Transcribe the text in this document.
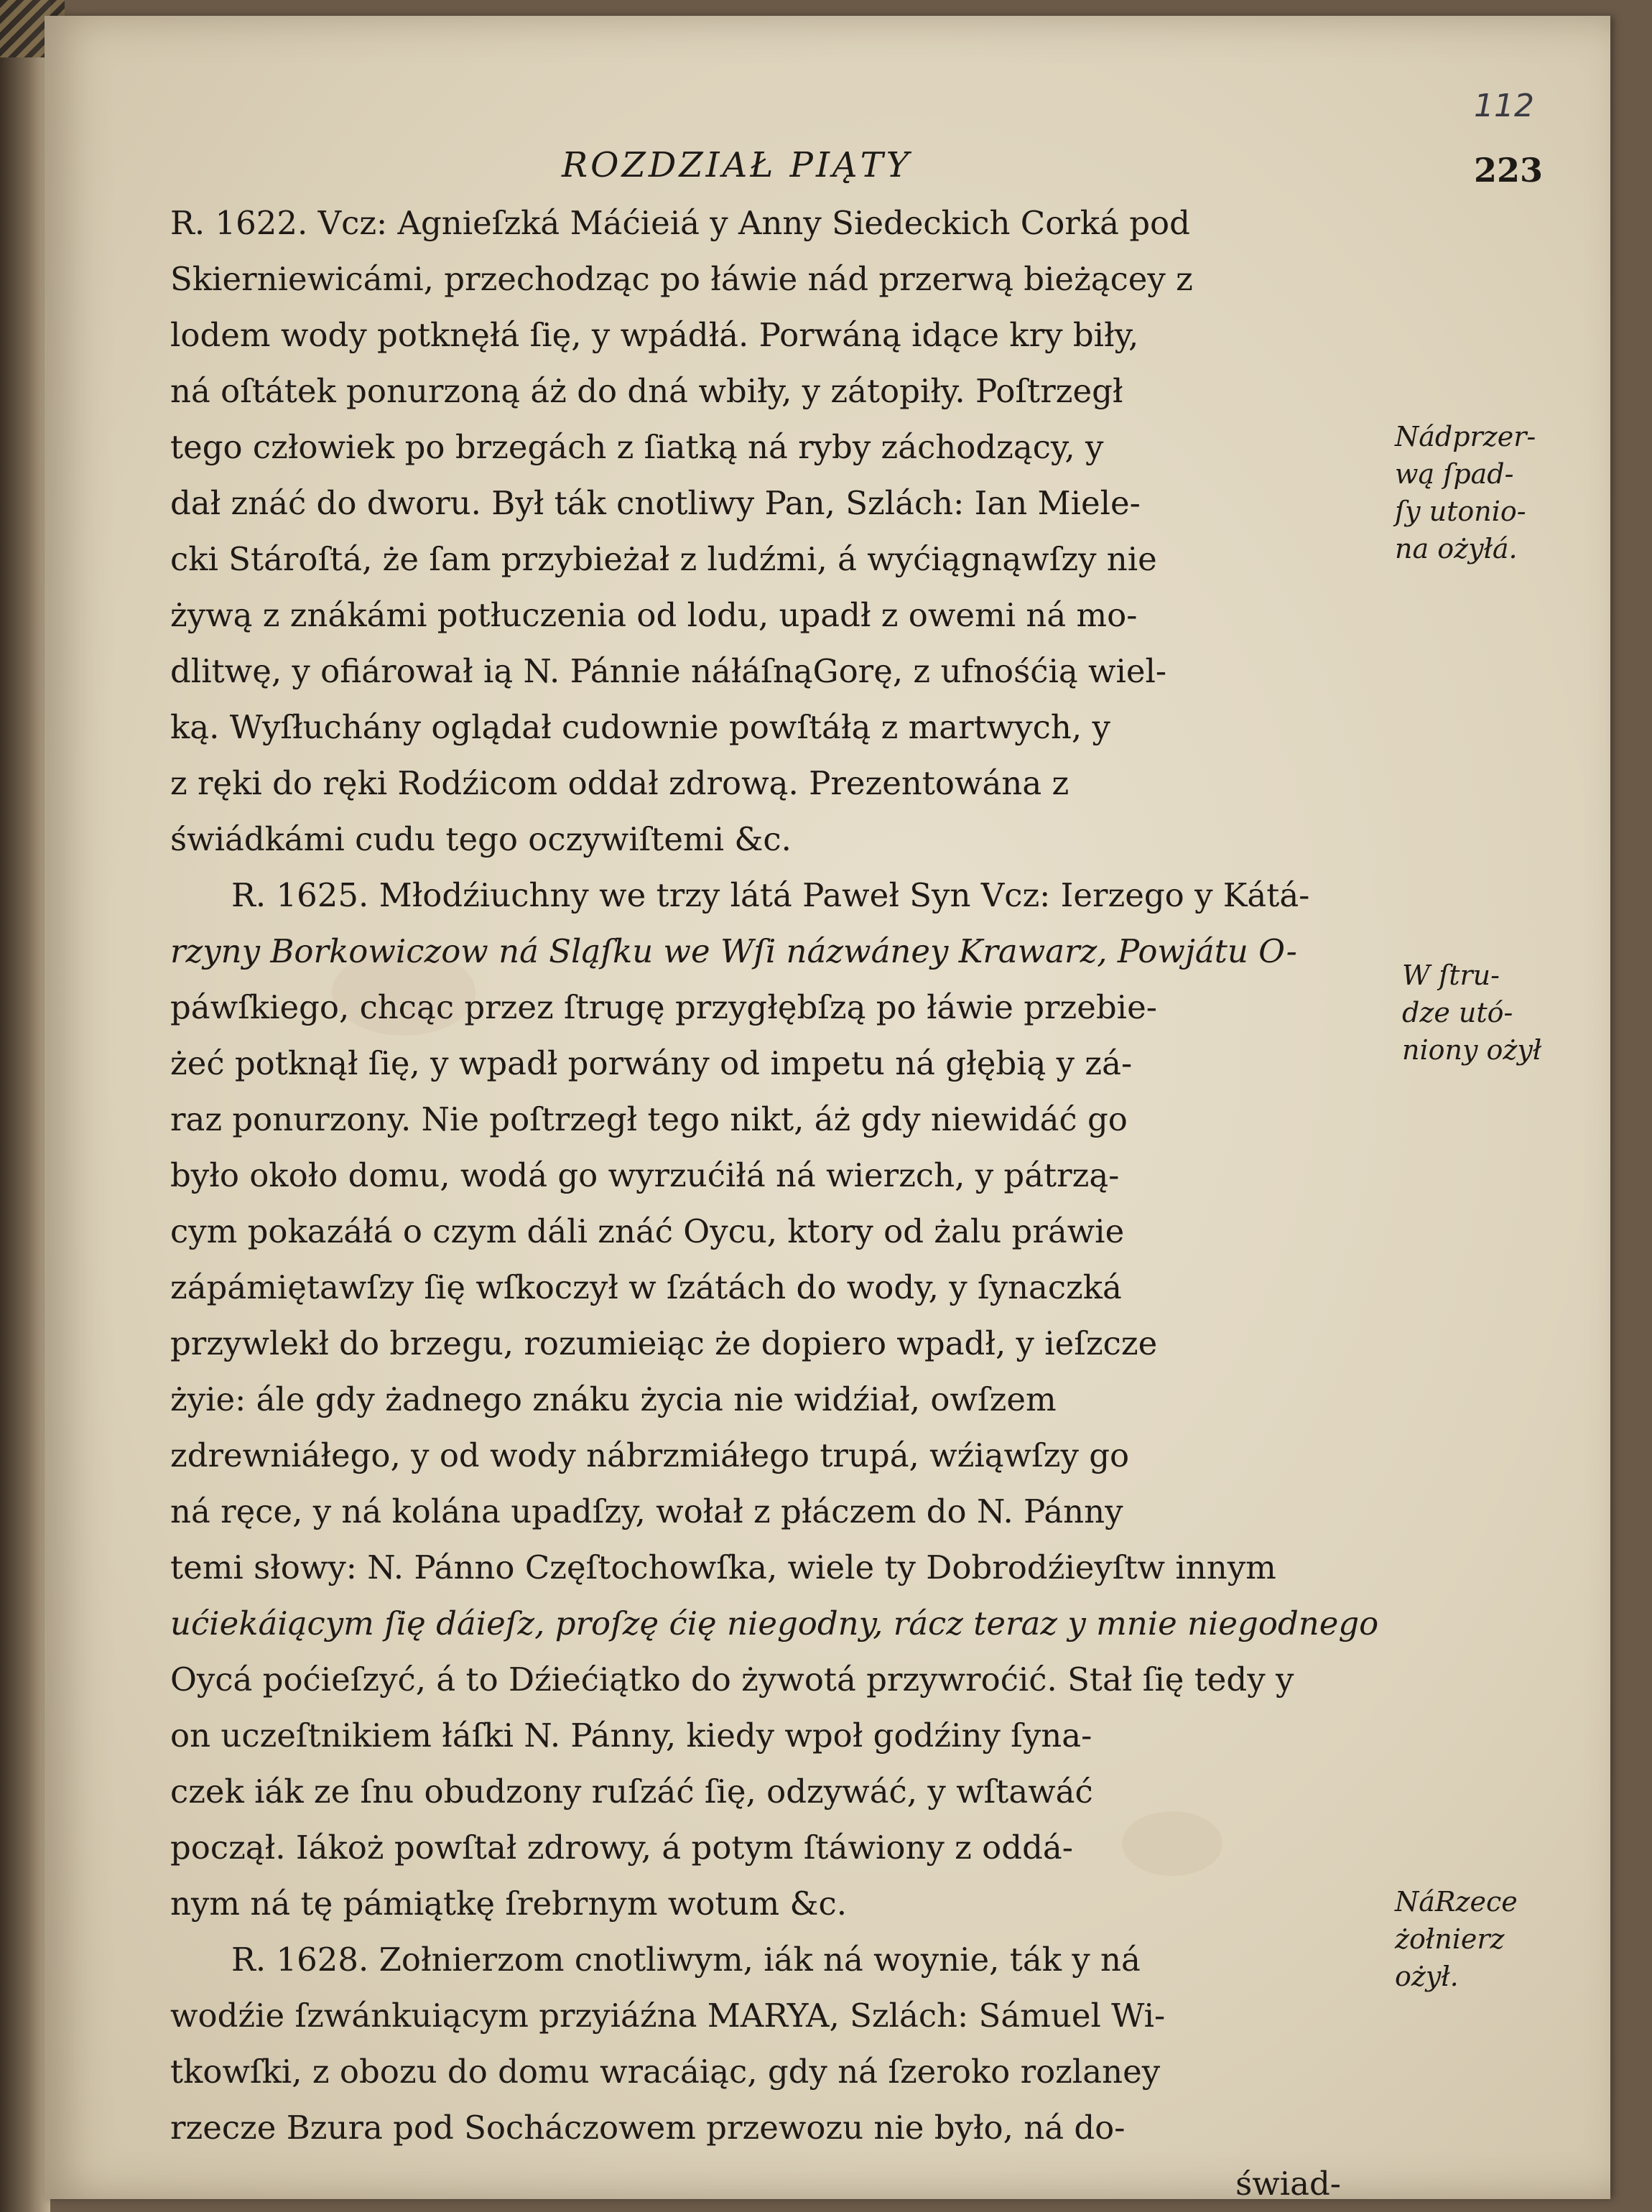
112
ROZDZIAŁ PIĄTY	223
R. 1622. Vcz: Agnieſzká Máćieiá y Anny Siedeckich Corká pod
Skierniewicámi, przechodząc po łáwie nád przerwą bieżącey z
lodem wody potknęłá ſię, y wpádłá. Porwáną idące kry biły,
ná oſtátek ponurzoną áż do dná wbiły, y zátopiły. Poſtrzegł
tego człowiek po brzegách z ſiatką ná ryby záchodzący, y
dał znáć do dworu. Był ták cnotliwy Pan, Szlách: Ian Miele-
cki Stároſtá, że ſam przybieżał z ludźmi, á wyćiągnąwſzy nie
żywą z znákámi potłuczenia od lodu, upadł z owemi ná mo-
dlitwę, y ofiárował ią N. Pánnie náłáſnąGorę, z ufnośćią wiel-
ką. Wyſłuchány oglądał cudownie powſtáłą z martwych, y
z ręki do ręki Rodźicom oddał zdrową. Prezentowána z
świádkámi cudu tego oczywiſtemi &c.
R. 1625. Młodźiuchny we trzy látá Paweł Syn Vcz: Ierzego y Kátá-
rzyny Borkowiczow ná Sląſku we Wſi názwáney Krawarz, Powjátu O-
páwſkiego, chcąc przez ſtrugę przygłębſzą po łáwie przebie-
żeć potknął ſię, y wpadł porwány od impetu ná głębią y zá-
raz ponurzony. Nie poſtrzegł tego nikt, áż gdy niewidáć go
było około domu, wodá go wyrzućiłá ná wierzch, y pátrzą-
cym pokazáłá o czym dáli znáć Oycu, ktory od żalu práwie
zápámiętawſzy ſię wſkoczył w ſzátách do wody, y ſynaczká
przywlekł do brzegu, rozumieiąc że dopiero wpadł, y ieſzcze
żyie: ále gdy żadnego znáku życia nie widźiał, owſzem
zdrewniáłego, y od wody nábrzmiáłego trupá, wźiąwſzy go
ná ręce, y ná kolána upadſzy, wołał z płáczem do N. Pánny
temi słowy: N. Pánno Częſtochowſka, wiele ty Dobrodźieyſtw innym
ućiekáiącym ſię dáieſz, proſzę ćię niegodny, rácz teraz y mnie niegodnego
Oycá poćieſzyć, á to Dźiećiątko do żywotá przywroćić. Stał ſię tedy y
on uczeſtnikiem łáſki N. Pánny, kiedy wpoł godźiny ſyna-
czek iák ze ſnu obudzony ruſzáć ſię, odzywáć, y wſtawáć
począł. Iákoż powſtał zdrowy, á potym ſtáwiony z oddá-
nym ná tę pámiątkę ſrebrnym wotum &c.
R. 1628. Zołnierzom cnotliwym, iák ná woynie, ták y ná
wodźie ſzwánkuiącym przyiáźna MARYA, Szlách: Sámuel Wi-
tkowſki, z obozu do domu wracáiąc, gdy ná ſzeroko rozlaney
rzecze Bzura pod Socháczowem przewozu nie było, ná do-
świad-
Nádprzer-
wą ſpad-
ſy utonio-
na ożyłá.
W ſtru-
dze utó-
niony ożył
NáRzece
żołnierz
ożył.
